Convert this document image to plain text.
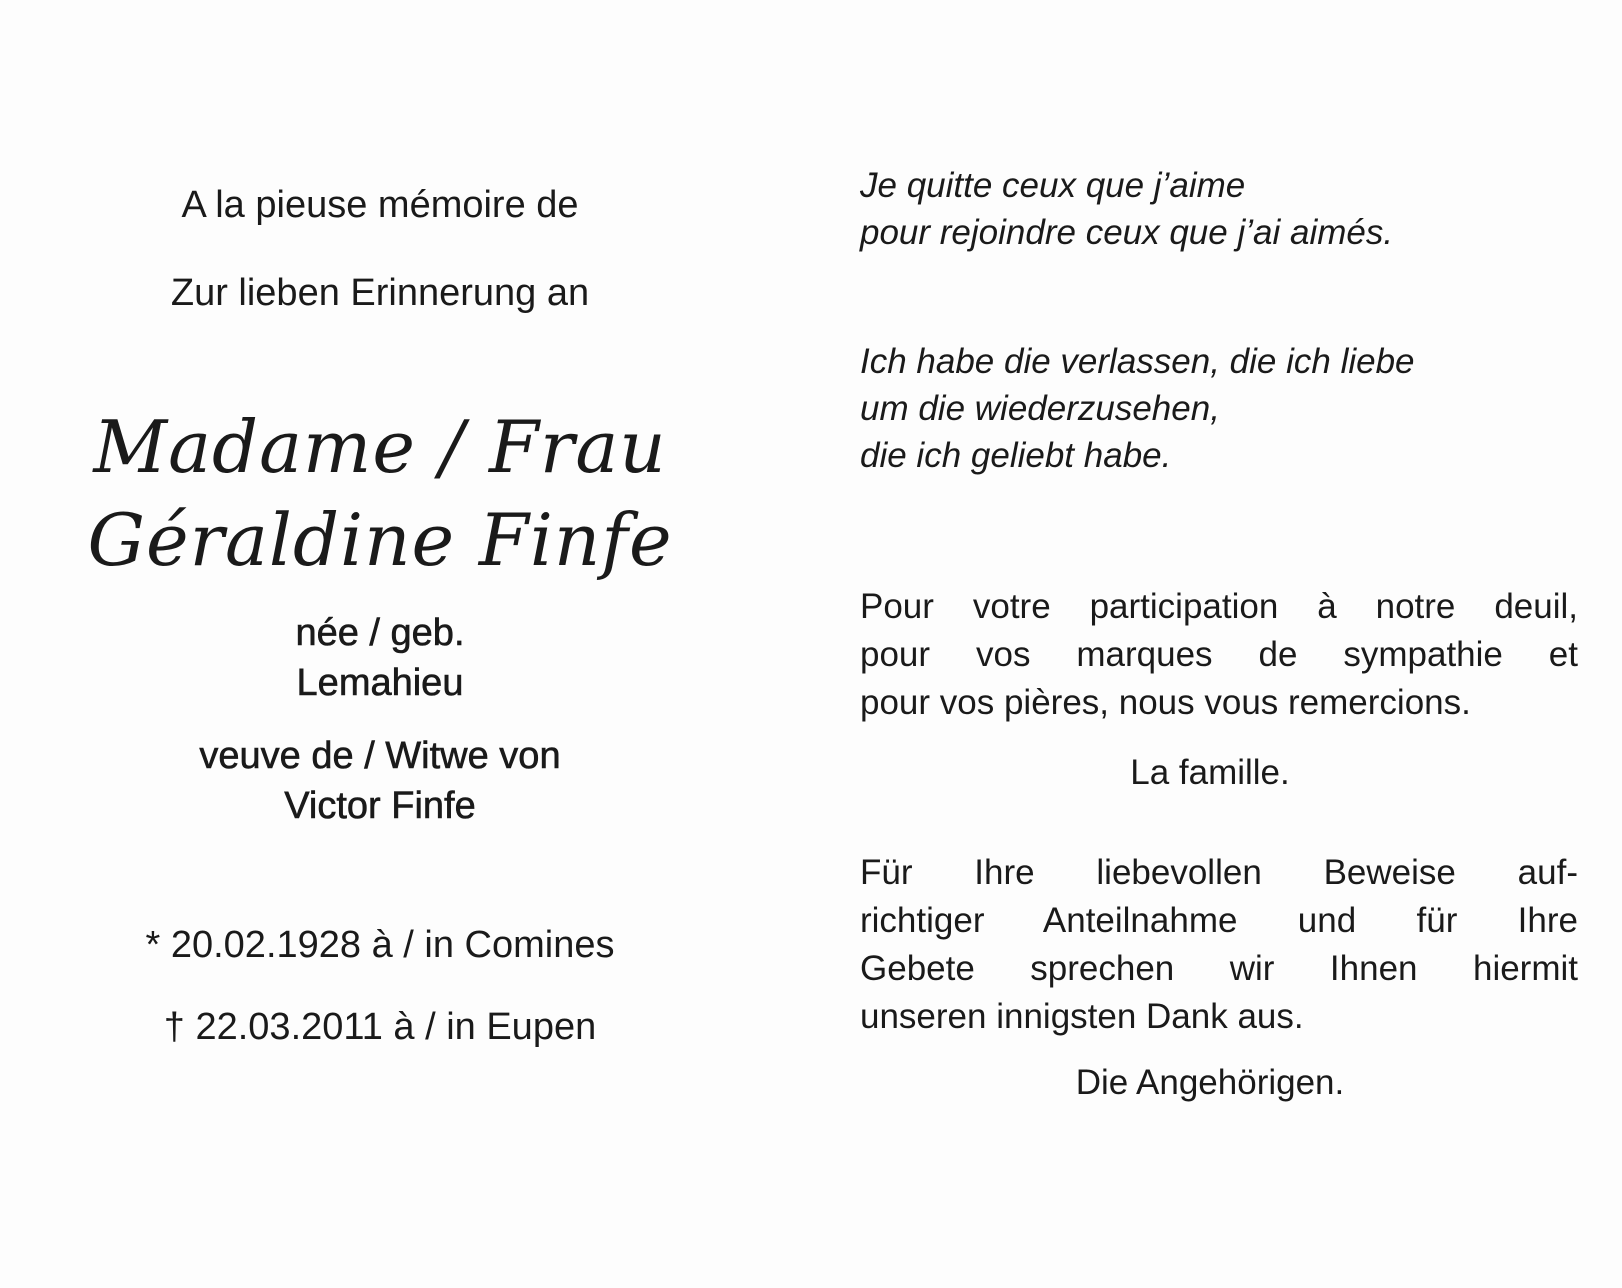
A la pieuse mémoire de
Zur lieben Erinnerung an
Madame / Frau
Géraldine Finfe
née / geb.
Lemahieu
veuve de / Witwe von
Victor Finfe
* 20.02.1928 à / in Comines
† 22.03.2011 à / in Eupen
Je quitte ceux que j’aime
pour rejoindre ceux que j’ai aimés.
Ich habe die verlassen, die ich liebe
um die wiederzusehen,
die ich geliebt habe.
Pour votre participation à notre deuil,
pour vos marques de sympathie et
pour vos pières, nous vous remercions.
La famille.
Für Ihre liebevollen Beweise auf-
richtiger Anteilnahme und für Ihre
Gebete sprechen wir Ihnen hiermit
unseren innigsten Dank aus.
Die Angehörigen.
